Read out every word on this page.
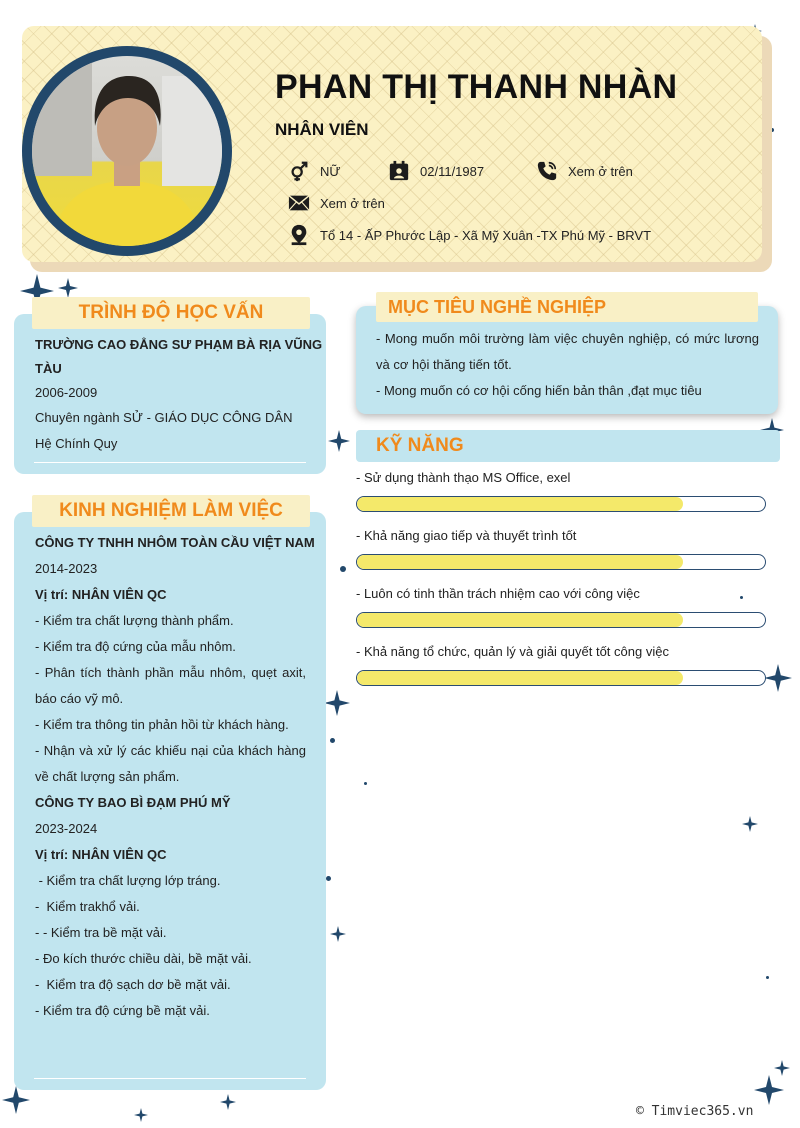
PHAN THỊ THANH NHÀN
NHÂN VIÊN
NỮ	02/11/1987	Xem ở trên
Xem ở trên
Tổ 14 - ẤP Phước Lập - Xã Mỹ Xuân -TX Phú Mỹ - BRVT
TRÌNH ĐỘ HỌC VẤN
TRƯỜNG CAO ĐẲNG SƯ PHẠM BÀ RỊA VŨNG
TÀU
2006-2009
Chuyên ngành SỬ - GIÁO DỤC CÔNG DÂN
Hệ Chính Quy
KINH NGHIỆM LÀM VIỆC
CÔNG TY TNHH NHÔM TOÀN CẦU VIỆT NAM
2014-2023
Vị trí: NHÂN VIÊN QC
- Kiểm tra chất lượng thành phẩm.
- Kiểm tra độ cứng của mẫu nhôm.
- Phân tích thành phần mẫu nhôm, quẹt axit,
báo cáo vỹ mô.
- Kiểm tra thông tin phản hồi từ khách hàng.
- Nhận và xử lý các khiếu nại của khách hàng
về chất lượng sản phẩm.
CÔNG TY BAO BÌ ĐẠM PHÚ MỸ
2023-2024
Vị trí: NHÂN VIÊN QC
- Kiểm tra chất lượng lớp tráng.
-  Kiểm trakhổ vải.
- - Kiểm tra bề mặt vải.
- Đo kích thước chiều dài, bề mặt vải.
-  Kiểm tra độ sạch dơ bề mặt vải.
- Kiểm tra độ cứng bề mặt vải.
MỤC TIÊU NGHỀ NGHIỆP
- Mong muốn môi trường làm việc chuyên nghiệp, có mức lương
và cơ hội thăng tiến tốt.
- Mong muốn có cơ hội cống hiến bản thân ,đạt mục tiêu
KỸ NĂNG
- Sử dụng thành thạo MS Office, exel
- Khả năng giao tiếp và thuyết trình tốt
- Luôn có tinh thần trách nhiệm cao với công việc
- Khả năng tổ chức, quản lý và giải quyết tốt công việc
© Timviec365.vn
